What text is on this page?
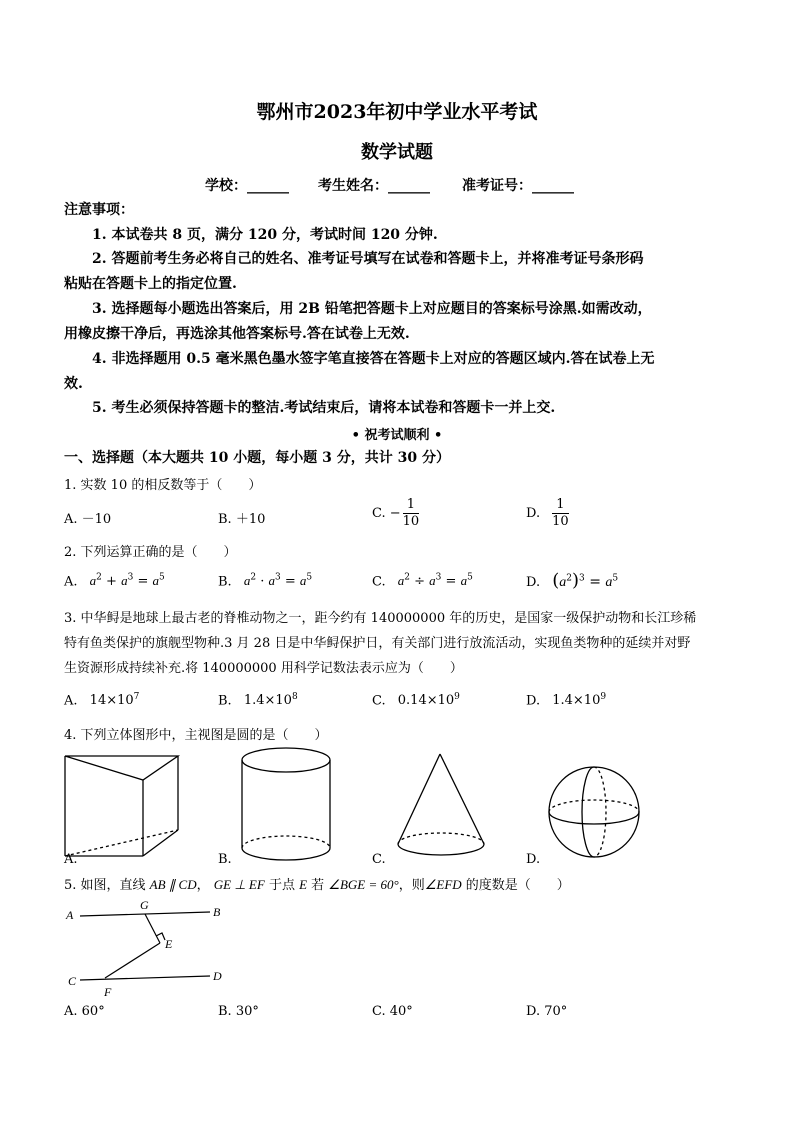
鄂州市2023年初中学业水平考试
数学试题
学校：______ 考生姓名：______ 准考证号：______
注意事项：
1. 本试卷共 8 页，满分 120 分，考试时间 120 分钟.
2. 答题前考生务必将自己的姓名、准考证号填写在试卷和答题卡上，并将准考证号条形码
粘贴在答题卡上的指定位置.
3. 选择题每小题选出答案后，用 2B 铅笔把答题卡上对应题目的答案标号涂黑.如需改动，
用橡皮擦干净后，再选涂其他答案标号.答在试卷上无效.
4. 非选择题用 0.5 毫米黑色墨水签字笔直接答在答题卡上对应的答题区域内.答在试卷上无
效.
5. 考生必须保持答题卡的整洁.考试结束后，请将本试卷和答题卡一并上交.
• 祝考试顺利 •
一、选择题（本大题共 10 小题，每小题 3 分，共计 30 分）
1. 实数 10 的相反数等于（　　）
A. －10	B. ＋10	C. − $\frac{1}{10}$	D. $\frac{1}{10}$
2. 下列运算正确的是（　　）
A. $a^2 + a^3 = a^5$	B. $a^2 \cdot a^3 = a^5$	C. $a^2 \div a^3 = a^5$	D. $(a^2)^3 = a^5$
3. 中华鲟是地球上最古老的脊椎动物之一，距今约有 140000000 年的历史，是国家一级保护动物和长江珍稀
特有鱼类保护的旗舰型物种.3 月 28 日是中华鲟保护日，有关部门进行放流活动，实现鱼类物种的延续并对野
生资源形成持续补充.将 140000000 用科学记数法表示应为（　　）
A. $14\times 10^7$	B. $1.4\times 10^8$	C. $0.14\times 10^9$	D. $1.4\times 10^9$
4. 下列立体图形中，主视图是圆的是（　　）
A.	B.	C.	D.
5. 如图，直线 AB ∥ CD， GE ⊥ EF 于点 E 若 ∠BGE = 60°，则∠EFD 的度数是（　　）
A	B
C	D
G
E
F
A. 60°	B. 30°	C. 40°	D. 70°
